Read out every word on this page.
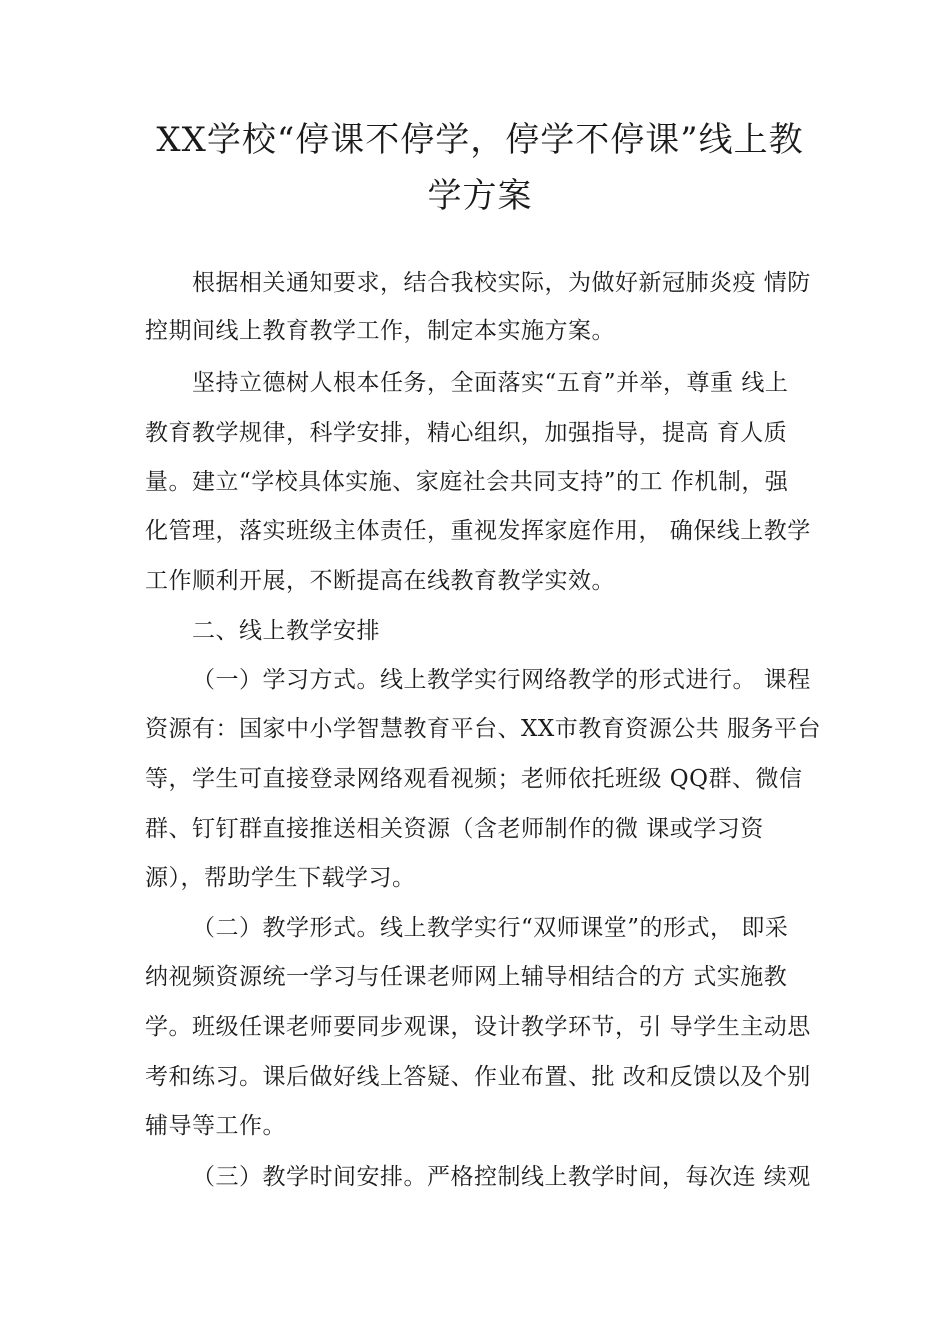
XX学校“停课不停学，停学不停课”线上教
学方案
根据相关通知要求，结合我校实际，为做好新冠肺炎疫 情防
控期间线上教育教学工作，制定本实施方案。
坚持立德树人根本任务，全面落实“五育”并举，尊重 线上
教育教学规律，科学安排，精心组织，加强指导，提高 育人质
量。建立“学校具体实施、家庭社会共同支持”的工 作机制，强
化管理，落实班级主体责任，重视发挥家庭作用， 确保线上教学
工作顺利开展，不断提高在线教育教学实效。
二、线上教学安排
（一）学习方式。线上教学实行网络教学的形式进行。 课程
资源有：国家中小学智慧教育平台、XX市教育资源公共 服务平台
等，学生可直接登录网络观看视频；老师依托班级 QQ群、微信
群、钉钉群直接推送相关资源（含老师制作的微 课或学习资
源），帮助学生下载学习。
（二）教学形式。线上教学实行“双师课堂”的形式， 即采
纳视频资源统一学习与任课老师网上辅导相结合的方 式实施教
学。班级任课老师要同步观课，设计教学环节，引 导学生主动思
考和练习。课后做好线上答疑、作业布置、批 改和反馈以及个别
辅导等工作。
（三）教学时间安排。严格控制线上教学时间，每次连 续观
